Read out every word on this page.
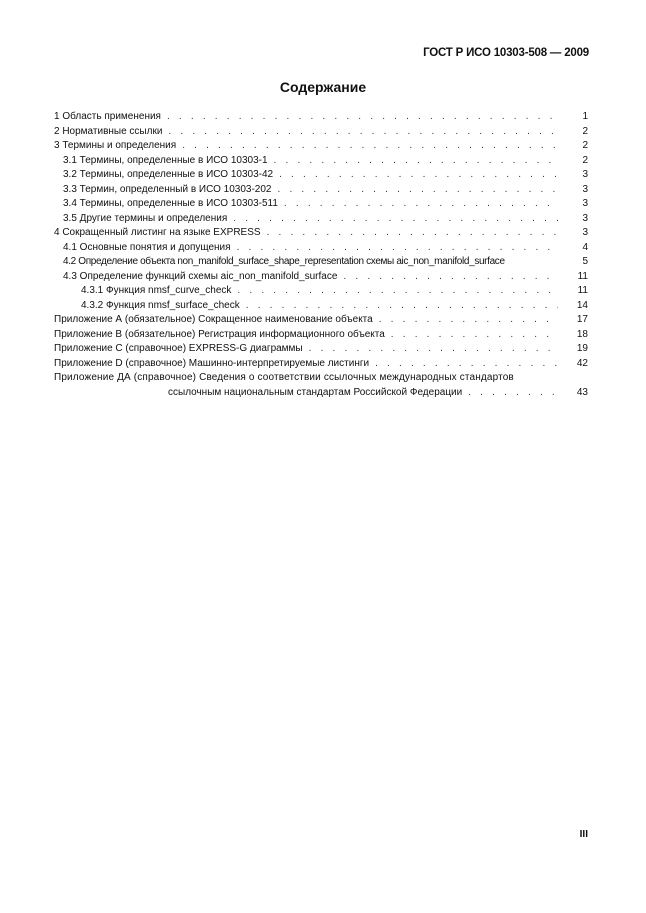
ГОСТ Р ИСО 10303-508 — 2009
Содержание
1 Область применения . . .	1
2 Нормативные ссылки . . .	2
3 Термины и определения . . .	2
3.1 Термины, определенные в ИСО 10303-1 . . .	2
3.2 Термины, определенные в ИСО 10303-42 . . .	3
3.3 Термин, определенный в ИСО 10303-202 . . .	3
3.4 Термины, определенные в ИСО 10303-511 . . .	3
3.5 Другие термины и определения . . .	3
4 Сокращенный листинг на языке EXPRESS . . .	3
4.1 Основные понятия и допущения . . .	4
4.2 Определение объекта non_manifold_surface_shape_representation схемы aic_non_manifold_surface	5
4.3 Определение функций схемы aic_non_manifold_surface . . .	11
4.3.1 Функция nmsf_curve_check . . .	11
4.3.2 Функция nmsf_surface_check . . .	14
Приложение А (обязательное) Сокращенное наименование объекта . . .	17
Приложение В (обязательное) Регистрация информационного объекта . . .	18
Приложение С (справочное) EXPRESS-G диаграммы . . .	19
Приложение D (справочное) Машинно-интерпретируемые листинги . . .	42
Приложение ДА (справочное) Сведения о соответствии ссылочных международных стандартов
ссылочным национальным стандартам Российской Федерации . . .	43
III
